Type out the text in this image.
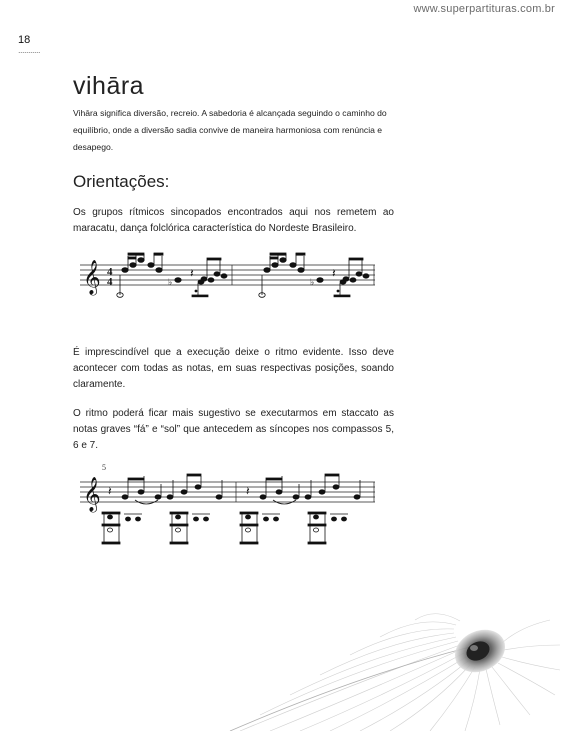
www.superpartituras.com.br
18
...........
vihāra
Vihāra significa diversão, recreio. A sabedoria é alcançada seguindo o caminho do equilíbrio, onde a diversão sadia convive de maneira harmoniosa com renúncia e desapego.
Orientações:
Os grupos rítmicos sincopados encontrados aqui nos remetem ao maracatu, dança folclórica característica do Nordeste Brasileiro.
𝄞 4
4	♭
𝄽
♭
𝄽
É imprescindível que a execução deixe o ritmo evidente. Isso deve acontecer com todas as notas, em suas respectivas posições, soando claramente.
O ritmo poderá ficar mais sugestivo se executarmos em staccato as notas graves “fá” e “sol” que antecedem as síncopes nos compassos 5, 6 e 7.
5
𝄞 𝄽	𝄽
